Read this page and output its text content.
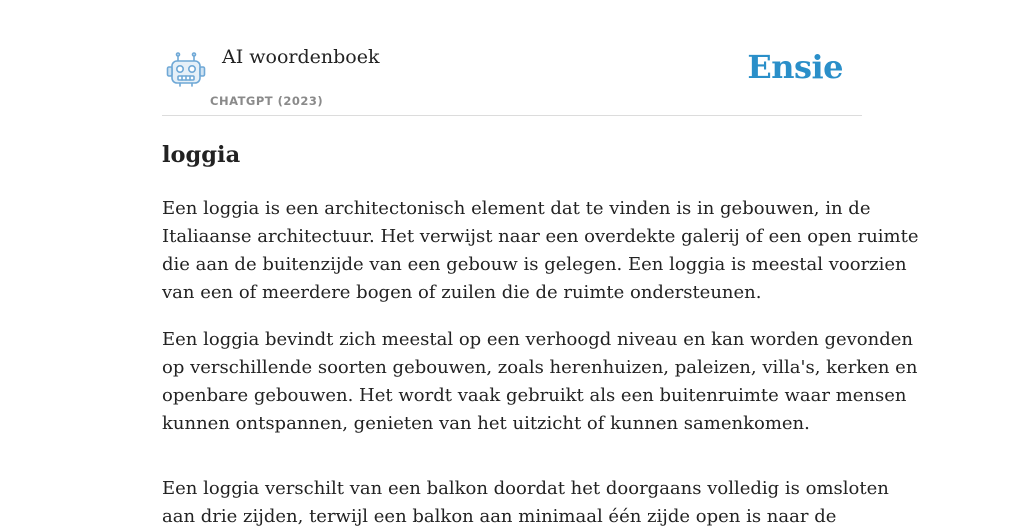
AI woordenboek
CHATGPT (2023)
Ensie
loggia

Een loggia is een architectonisch element dat te vinden is in gebouwen, in de
Italiaanse architectuur. Het verwijst naar een overdekte galerij of een open ruimte
die aan de buitenzijde van een gebouw is gelegen. Een loggia is meestal voorzien
van een of meerdere bogen of zuilen die de ruimte ondersteunen.

Een loggia bevindt zich meestal op een verhoogd niveau en kan worden gevonden
op verschillende soorten gebouwen, zoals herenhuizen, paleizen, villa's, kerken en
openbare gebouwen. Het wordt vaak gebruikt als een buitenruimte waar mensen
kunnen ontspannen, genieten van het uitzicht of kunnen samenkomen.

Een loggia verschilt van een balkon doordat het doorgaans volledig is omsloten
aan drie zijden, terwijl een balkon aan minimaal één zijde open is naar de
